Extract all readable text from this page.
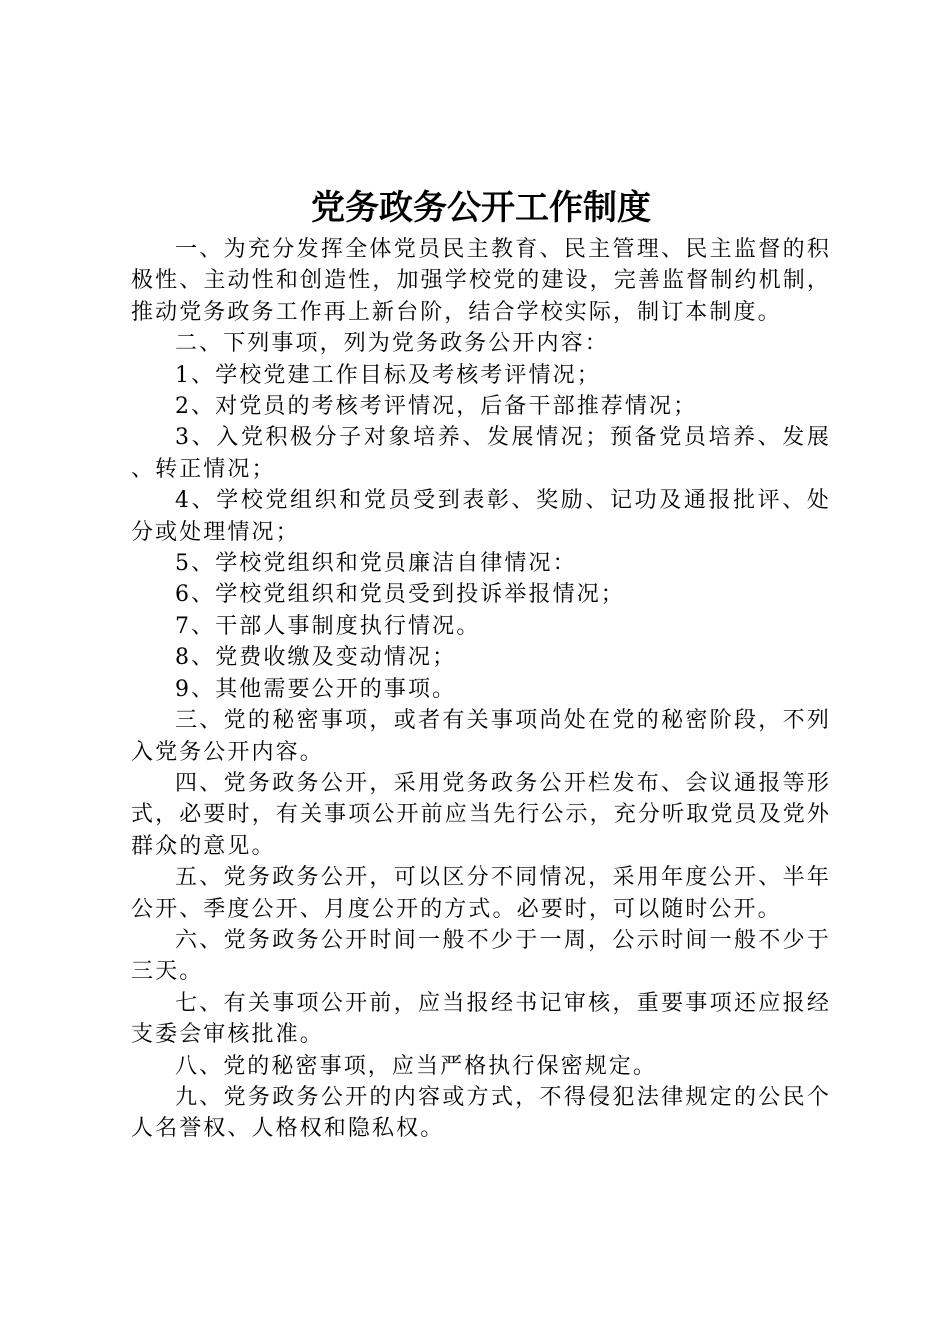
党务政务公开工作制度

一、为充分发挥全体党员民主教育、民主管理、民主监督的积极性、主动性和创造性，加强学校党的建设，完善监督制约机制，推动党务政务工作再上新台阶，结合学校实际，制订本制度。

二、下列事项，列为党务政务公开内容：

1、学校党建工作目标及考核考评情况；

2、对党员的考核考评情况，后备干部推荐情况；

3、入党积极分子对象培养、发展情况；预备党员培养、发展、转正情况；

4、学校党组织和党员受到表彰、奖励、记功及通报批评、处分或处理情况；

5、学校党组织和党员廉洁自律情况：

6、学校党组织和党员受到投诉举报情况；

7、干部人事制度执行情况。

8、党费收缴及变动情况；

9、其他需要公开的事项。

三、党的秘密事项，或者有关事项尚处在党的秘密阶段，不列入党务公开内容。

四、党务政务公开，采用党务政务公开栏发布、会议通报等形式，必要时，有关事项公开前应当先行公示，充分听取党员及党外群众的意见。

五、党务政务公开，可以区分不同情况，采用年度公开、半年公开、季度公开、月度公开的方式。必要时，可以随时公开。

六、党务政务公开时间一般不少于一周，公示时间一般不少于三天。

七、有关事项公开前，应当报经书记审核，重要事项还应报经支委会审核批准。

八、党的秘密事项，应当严格执行保密规定。

九、党务政务公开的内容或方式，不得侵犯法律规定的公民个人名誉权、人格权和隐私权。
